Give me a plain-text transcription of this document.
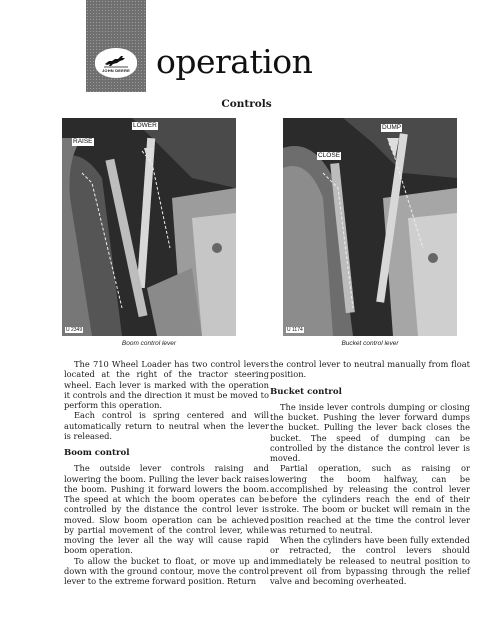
JOHN DEERE operation
Controls
RAISE
LOWER
U 2349
Boom control lever
DUMP
CLOSE
U 1174
Bucket control lever

The 710 Wheel Loader has two control levers located at the right of the tractor steering wheel. Each lever is marked with the operation it controls and the direction it must be moved to perform this operation.

Each control is spring centered and will automatically return to neutral when the lever is released.

Boom control

The outside lever controls raising and lowering the boom. Pulling the lever back raises the boom. Pushing it forward lowers the boom. The speed at which the boom operates can be controlled by the distance the control lever is moved. Slow boom operation can be achieved by partial movement of the control lever, while moving the lever all the way will cause rapid boom operation.

To allow the bucket to float, or move up and down with the ground contour, move the control lever to the extreme forward position. Return

the control lever to neutral manually from float position.

Bucket control

The inside lever controls dumping or closing the bucket. Pushing the lever forward dumps the bucket. Pulling the lever back closes the bucket. The speed of dumping can be controlled by the distance the control lever is moved.

Partial operation, such as raising or lowering the boom halfway, can be accomplished by releasing the control lever before the cylinders reach the end of their stroke. The boom or bucket will remain in the position reached at the time the control lever was returned to neutral.

When the cylinders have been fully extended or retracted, the control levers should immediately be released to neutral position to prevent oil from bypassing through the relief valve and becoming overheated.
